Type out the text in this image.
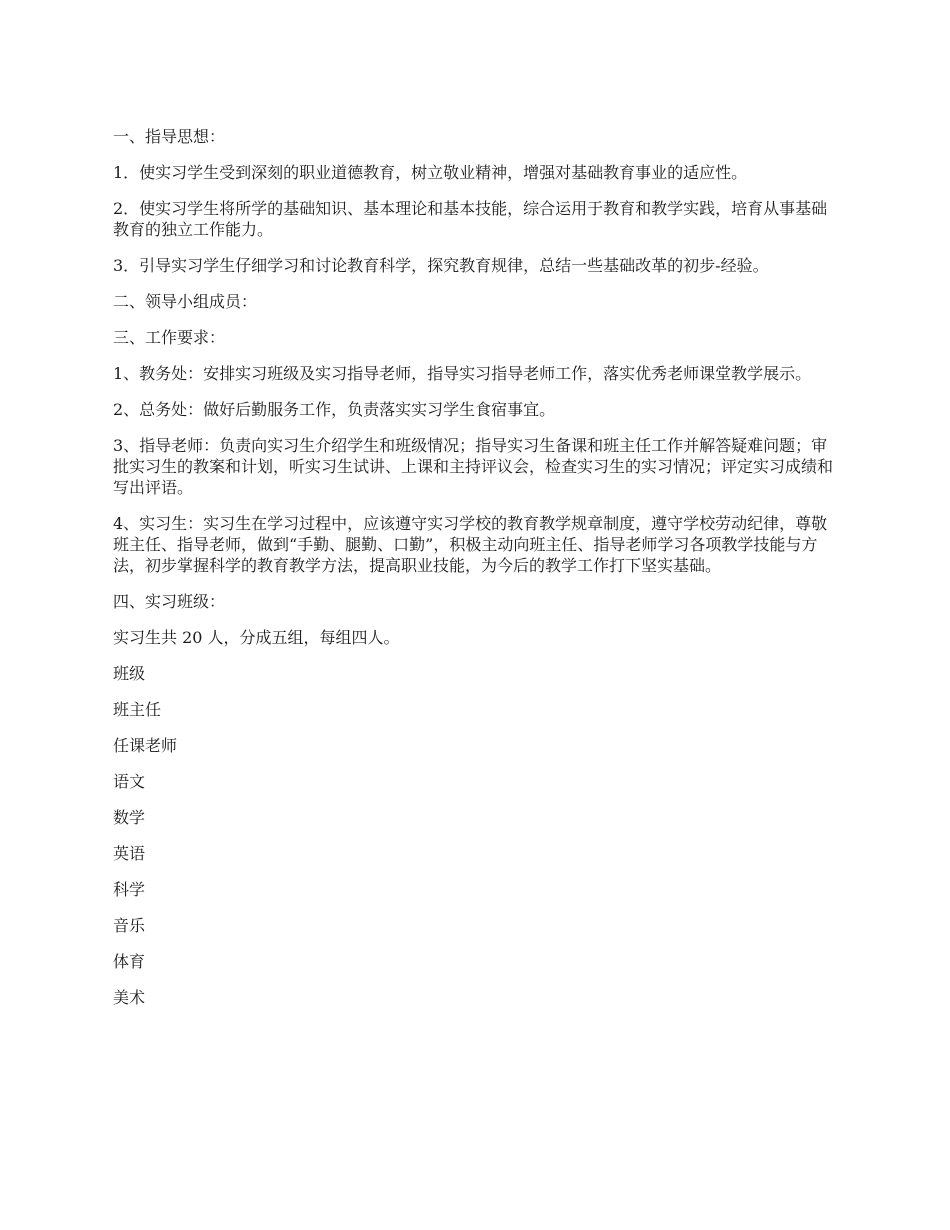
一、指导思想：

1．使实习学生受到深刻的职业道德教育，树立敬业精神，增强对基础教育事业的适应性。

2．使实习学生将所学的基础知识、基本理论和基本技能，综合运用于教育和教学实践，培育从事基础教育的独立工作能力。

3．引导实习学生仔细学习和讨论教育科学，探究教育规律，总结一些基础改革的初步-经验。

二、领导小组成员：

三、工作要求：

1、教务处：安排实习班级及实习指导老师，指导实习指导老师工作，落实优秀老师课堂教学展示。

2、总务处：做好后勤服务工作，负责落实实习学生食宿事宜。

3、指导老师：负责向实习生介绍学生和班级情况；指导实习生备课和班主任工作并解答疑难问题；审批实习生的教案和计划，听实习生试讲、上课和主持评议会，检查实习生的实习情况；评定实习成绩和写出评语。

4、实习生：实习生在学习过程中，应该遵守实习学校的教育教学规章制度，遵守学校劳动纪律，尊敬班主任、指导老师，做到“手勤、腿勤、口勤”，积极主动向班主任、指导老师学习各项教学技能与方法，初步掌握科学的教育教学方法，提高职业技能，为今后的教学工作打下坚实基础。

四、实习班级：

实习生共 20 人，分成五组，每组四人。

班级

班主任

任课老师

语文

数学

英语

科学

音乐

体育

美术
